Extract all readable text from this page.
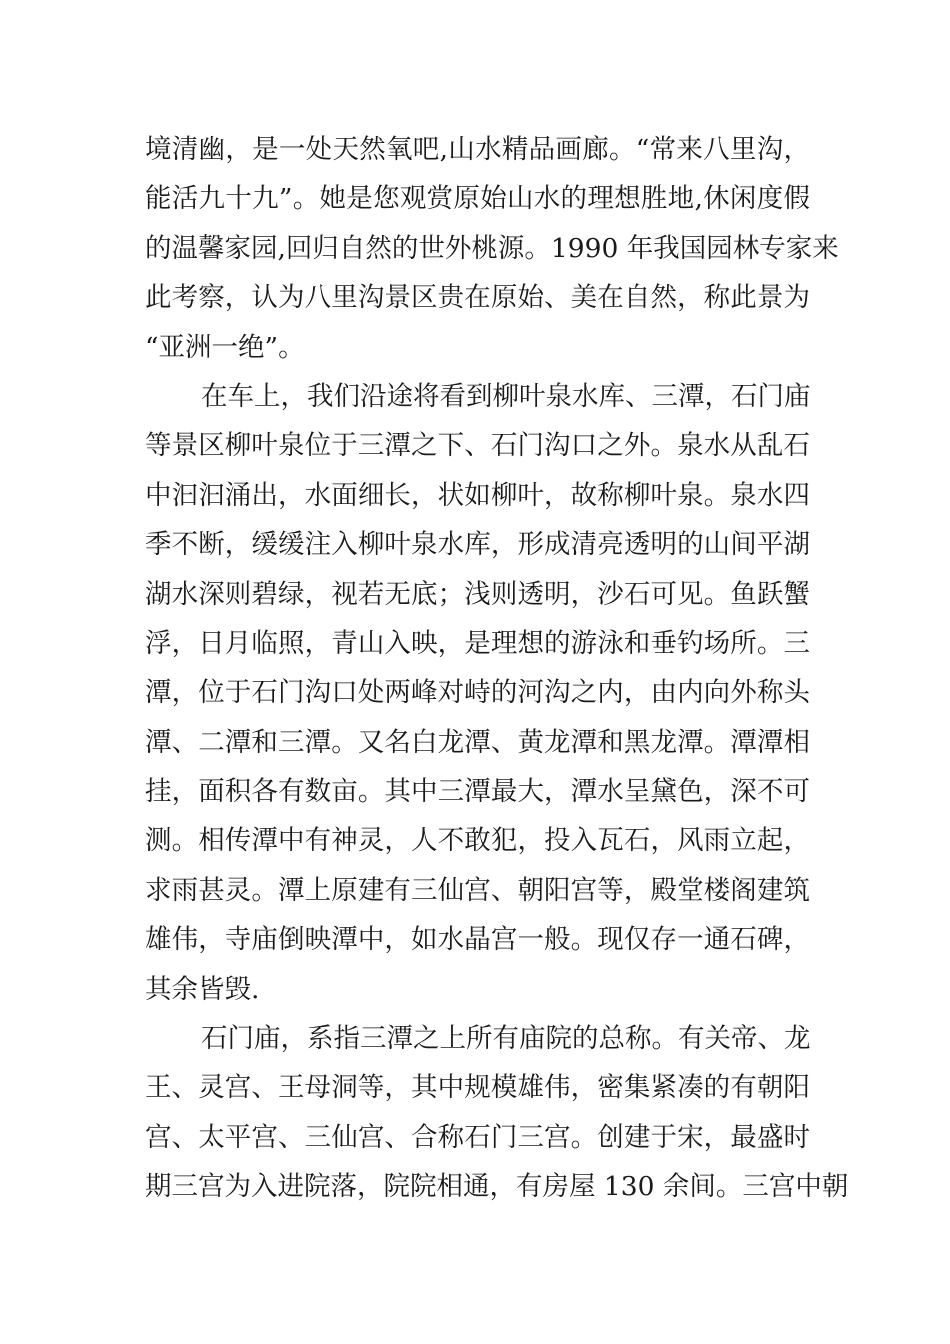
境清幽，是一处天然氧吧,山水精品画廊。“常来八里沟，
能活九十九”。她是您观赏原始山水的理想胜地,休闲度假
的温馨家园,回归自然的世外桃源。1990 年我国园林专家来
此考察，认为八里沟景区贵在原始、美在自然，称此景为
“亚洲一绝”。
在车上，我们沿途将看到柳叶泉水库、三潭，石门庙
等景区柳叶泉位于三潭之下、石门沟口之外。泉水从乱石
中汩汩涌出，水面细长，状如柳叶，故称柳叶泉。泉水四
季不断，缓缓注入柳叶泉水库，形成清亮透明的山间平湖
湖水深则碧绿，视若无底；浅则透明，沙石可见。鱼跃蟹
浮，日月临照，青山入映，是理想的游泳和垂钓场所。三
潭，位于石门沟口处两峰对峙的河沟之内，由内向外称头
潭、二潭和三潭。又名白龙潭、黄龙潭和黑龙潭。潭潭相
挂，面积各有数亩。其中三潭最大，潭水呈黛色，深不可
测。相传潭中有神灵，人不敢犯，投入瓦石，风雨立起，
求雨甚灵。潭上原建有三仙宫、朝阳宫等，殿堂楼阁建筑
雄伟，寺庙倒映潭中，如水晶宫一般。现仅存一通石碑，
其余皆毁.
石门庙，系指三潭之上所有庙院的总称。有关帝、龙
王、灵宫、王母洞等，其中规模雄伟，密集紧凑的有朝阳
宫、太平宫、三仙宫、合称石门三宫。创建于宋，最盛时
期三宫为入进院落，院院相通，有房屋 130 余间。三宫中朝
